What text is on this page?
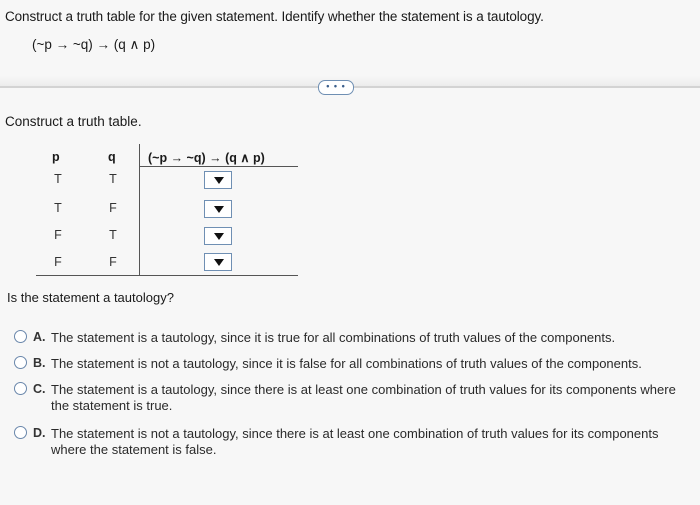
Construct a truth table for the given statement. Identify whether the statement is a tautology.
(~p → ~q) → (q ∧ p)
• • •
Construct a truth table.
p	q	(~p → ~q) → (q ∧ p)
T	T
T	F
F	T
F	F
Is the statement a tautology?
A. The statement is a tautology, since it is true for all combinations of truth values of the components.
B. The statement is not a tautology, since it is false for all combinations of truth values of the components.
C. The statement is a tautology, since there is at least one combination of truth values for its components where the statement is true.
D. The statement is not a tautology, since there is at least one combination of truth values for its components where the statement is false.
